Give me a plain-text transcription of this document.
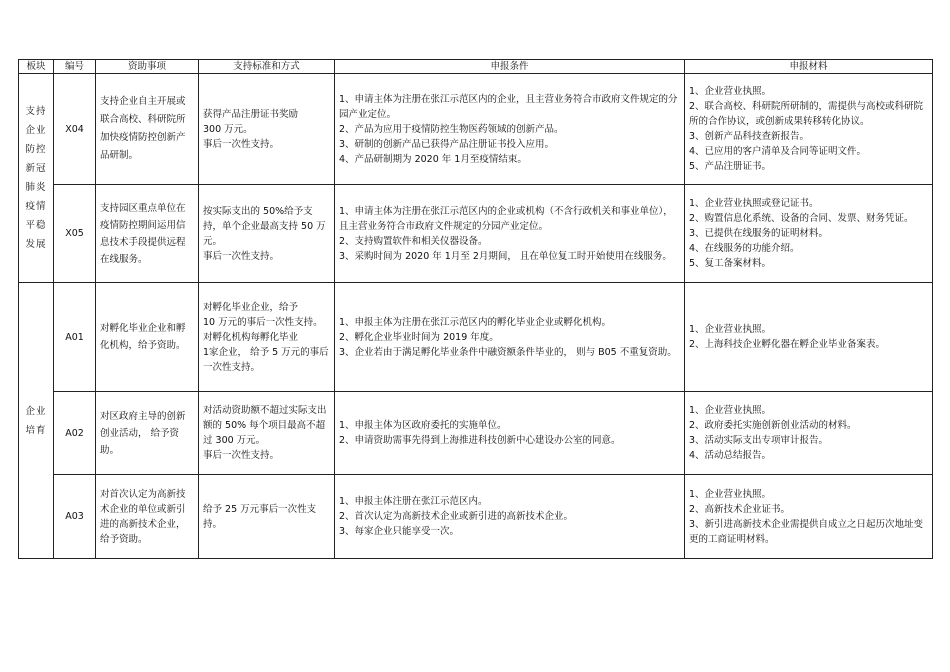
板块	编号	资助事项	支持标准和方式	申报条件	申报材料
支持企业防控新冠肺炎疫情平稳发展	X04	支持企业自主开展或联合高校、科研院所加快疫情防控创新产品研制。	获得产品注册证书奖励
300 万元。
事后一次性支持。	1、申请主体为注册在张江示范区内的企业，且主营业务符合市政府文件规定的分园产业定位。
2、产品为应用于疫情防控生物医药领域的创新产品。
3、研制的创新产品已获得产品注册证书投入应用。
4、产品研制期为 2020 年 1月至疫情结束。	1、企业营业执照。
2、联合高校、科研院所研制的，需提供与高校或科研院所的合作协议，或创新成果转移转化协议。
3、创新产品科技查新报告。
4、已应用的客户清单及合同等证明文件。
5、产品注册证书。

	X05	支持园区重点单位在疫情防控期间运用信息技术手段提供远程在线服务。	按实际支出的 50%给予支持，单个企业最高支持 50 万元。
事后一次性支持。	1、申请主体为注册在张江示范区内的企业或机构（不含行政机关和事业单位），且主营业务符合市政府文件规定的分园产业定位。
2、支持购置软件和相关仪器设备。
3、采购时间为 2020 年 1月至 2月期间， 且在单位复工时开始使用在线服务。	1、企业营业执照或登记证书。
2、购置信息化系统、设备的合同、发票、财务凭证。
3、已提供在线服务的证明材料。
4、在线服务的功能介绍。
5、复工备案材料。

企业培育	A01	对孵化毕业企业和孵化机构，给予资助。	对孵化毕业企业，给予
10 万元的事后一次性支持。
对孵化机构每孵化毕业
1家企业， 给予 5 万元的事后一次性支持。	1、申报主体为注册在张江示范区内的孵化毕业企业或孵化机构。
2、孵化企业毕业时间为 2019 年度。
3、企业若由于满足孵化毕业条件中融资额条件毕业的， 则与 B05 不重复资助。	1、企业营业执照。
2、上海科技企业孵化器在孵企业毕业备案表。

	A02	对区政府主导的创新创业活动， 给予资助。	对活动资助额不超过实际支出额的 50% 每个项目最高不超过 300 万元。
事后一次性支持。	1、申报主体为区政府委托的实施单位。
2、申请资助需事先得到上海推进科技创新中心建设办公室的同意。	1、企业营业执照。
2、政府委托实施创新创业活动的材料。
3、活动实际支出专项审计报告。
4、活动总结报告。

	A03	对首次认定为高新技术企业的单位或新引进的高新技术企业， 给予资助。	给予 25 万元事后一次性支持。	1、申报主体注册在张江示范区内。
2、首次认定为高新技术企业或新引进的高新技术企业。
3、每家企业只能享受一次。	1、企业营业执照。
2、高新技术企业证书。
3、新引进高新技术企业需提供自成立之日起历次地址变更的工商证明材料。
